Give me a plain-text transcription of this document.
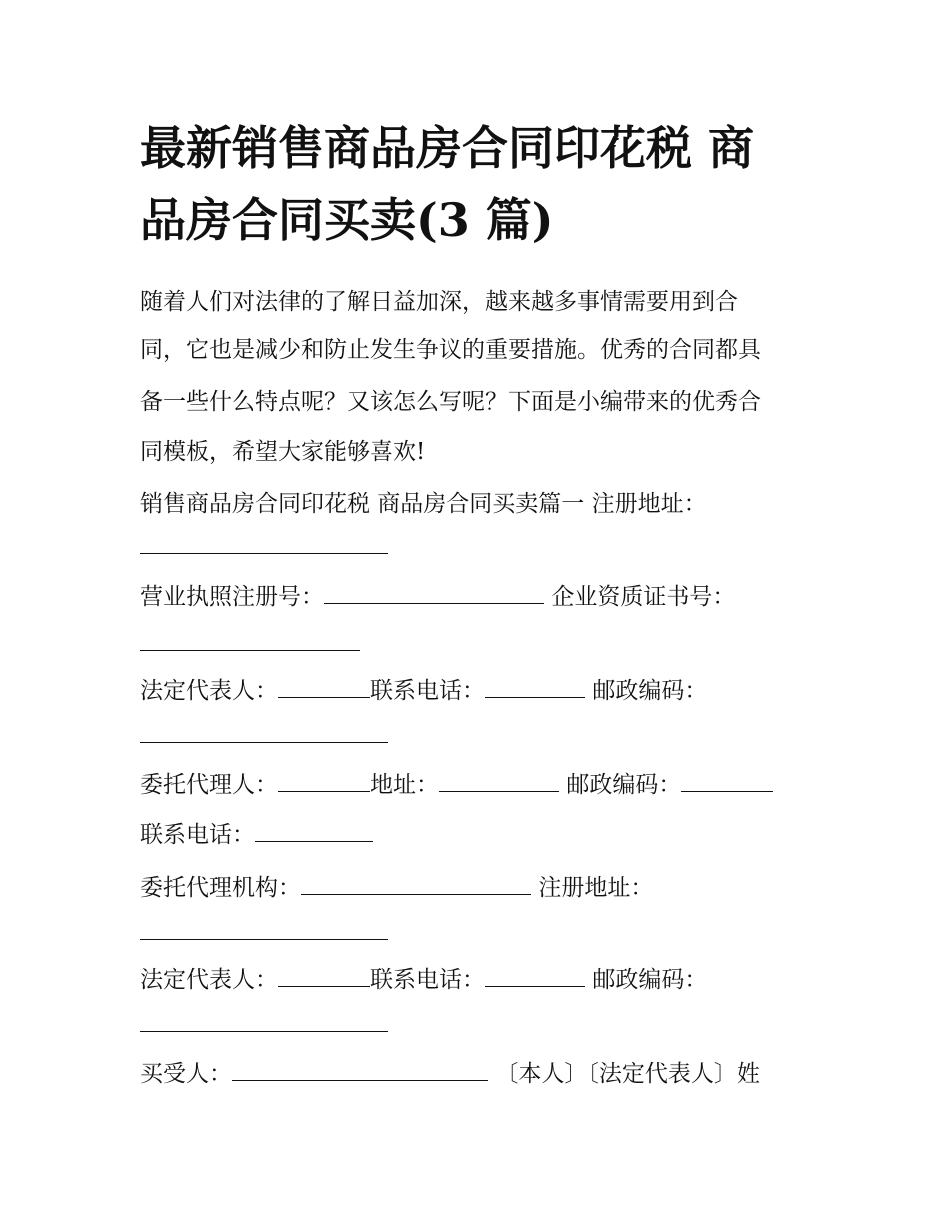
最新销售商品房合同印花税 商
品房合同买卖(3 篇)

随着人们对法律的了解日益加深，越来越多事情需要用到合

同，它也是减少和防止发生争议的重要措施。优秀的合同都具

备一些什么特点呢？又该怎么写呢？下面是小编带来的优秀合

同模板，希望大家能够喜欢!

销售商品房合同印花税 商品房合同买卖篇一 注册地址：

营业执照注册号：	企业资质证书号：

法定代表人：	联系电话：	邮政编码：

委托代理人：	地址：	邮政编码：

联系电话：

委托代理机构：	注册地址：

法定代表人：	联系电话：	邮政编码：

买受人：	〔本人〕〔法定代表人〕姓
